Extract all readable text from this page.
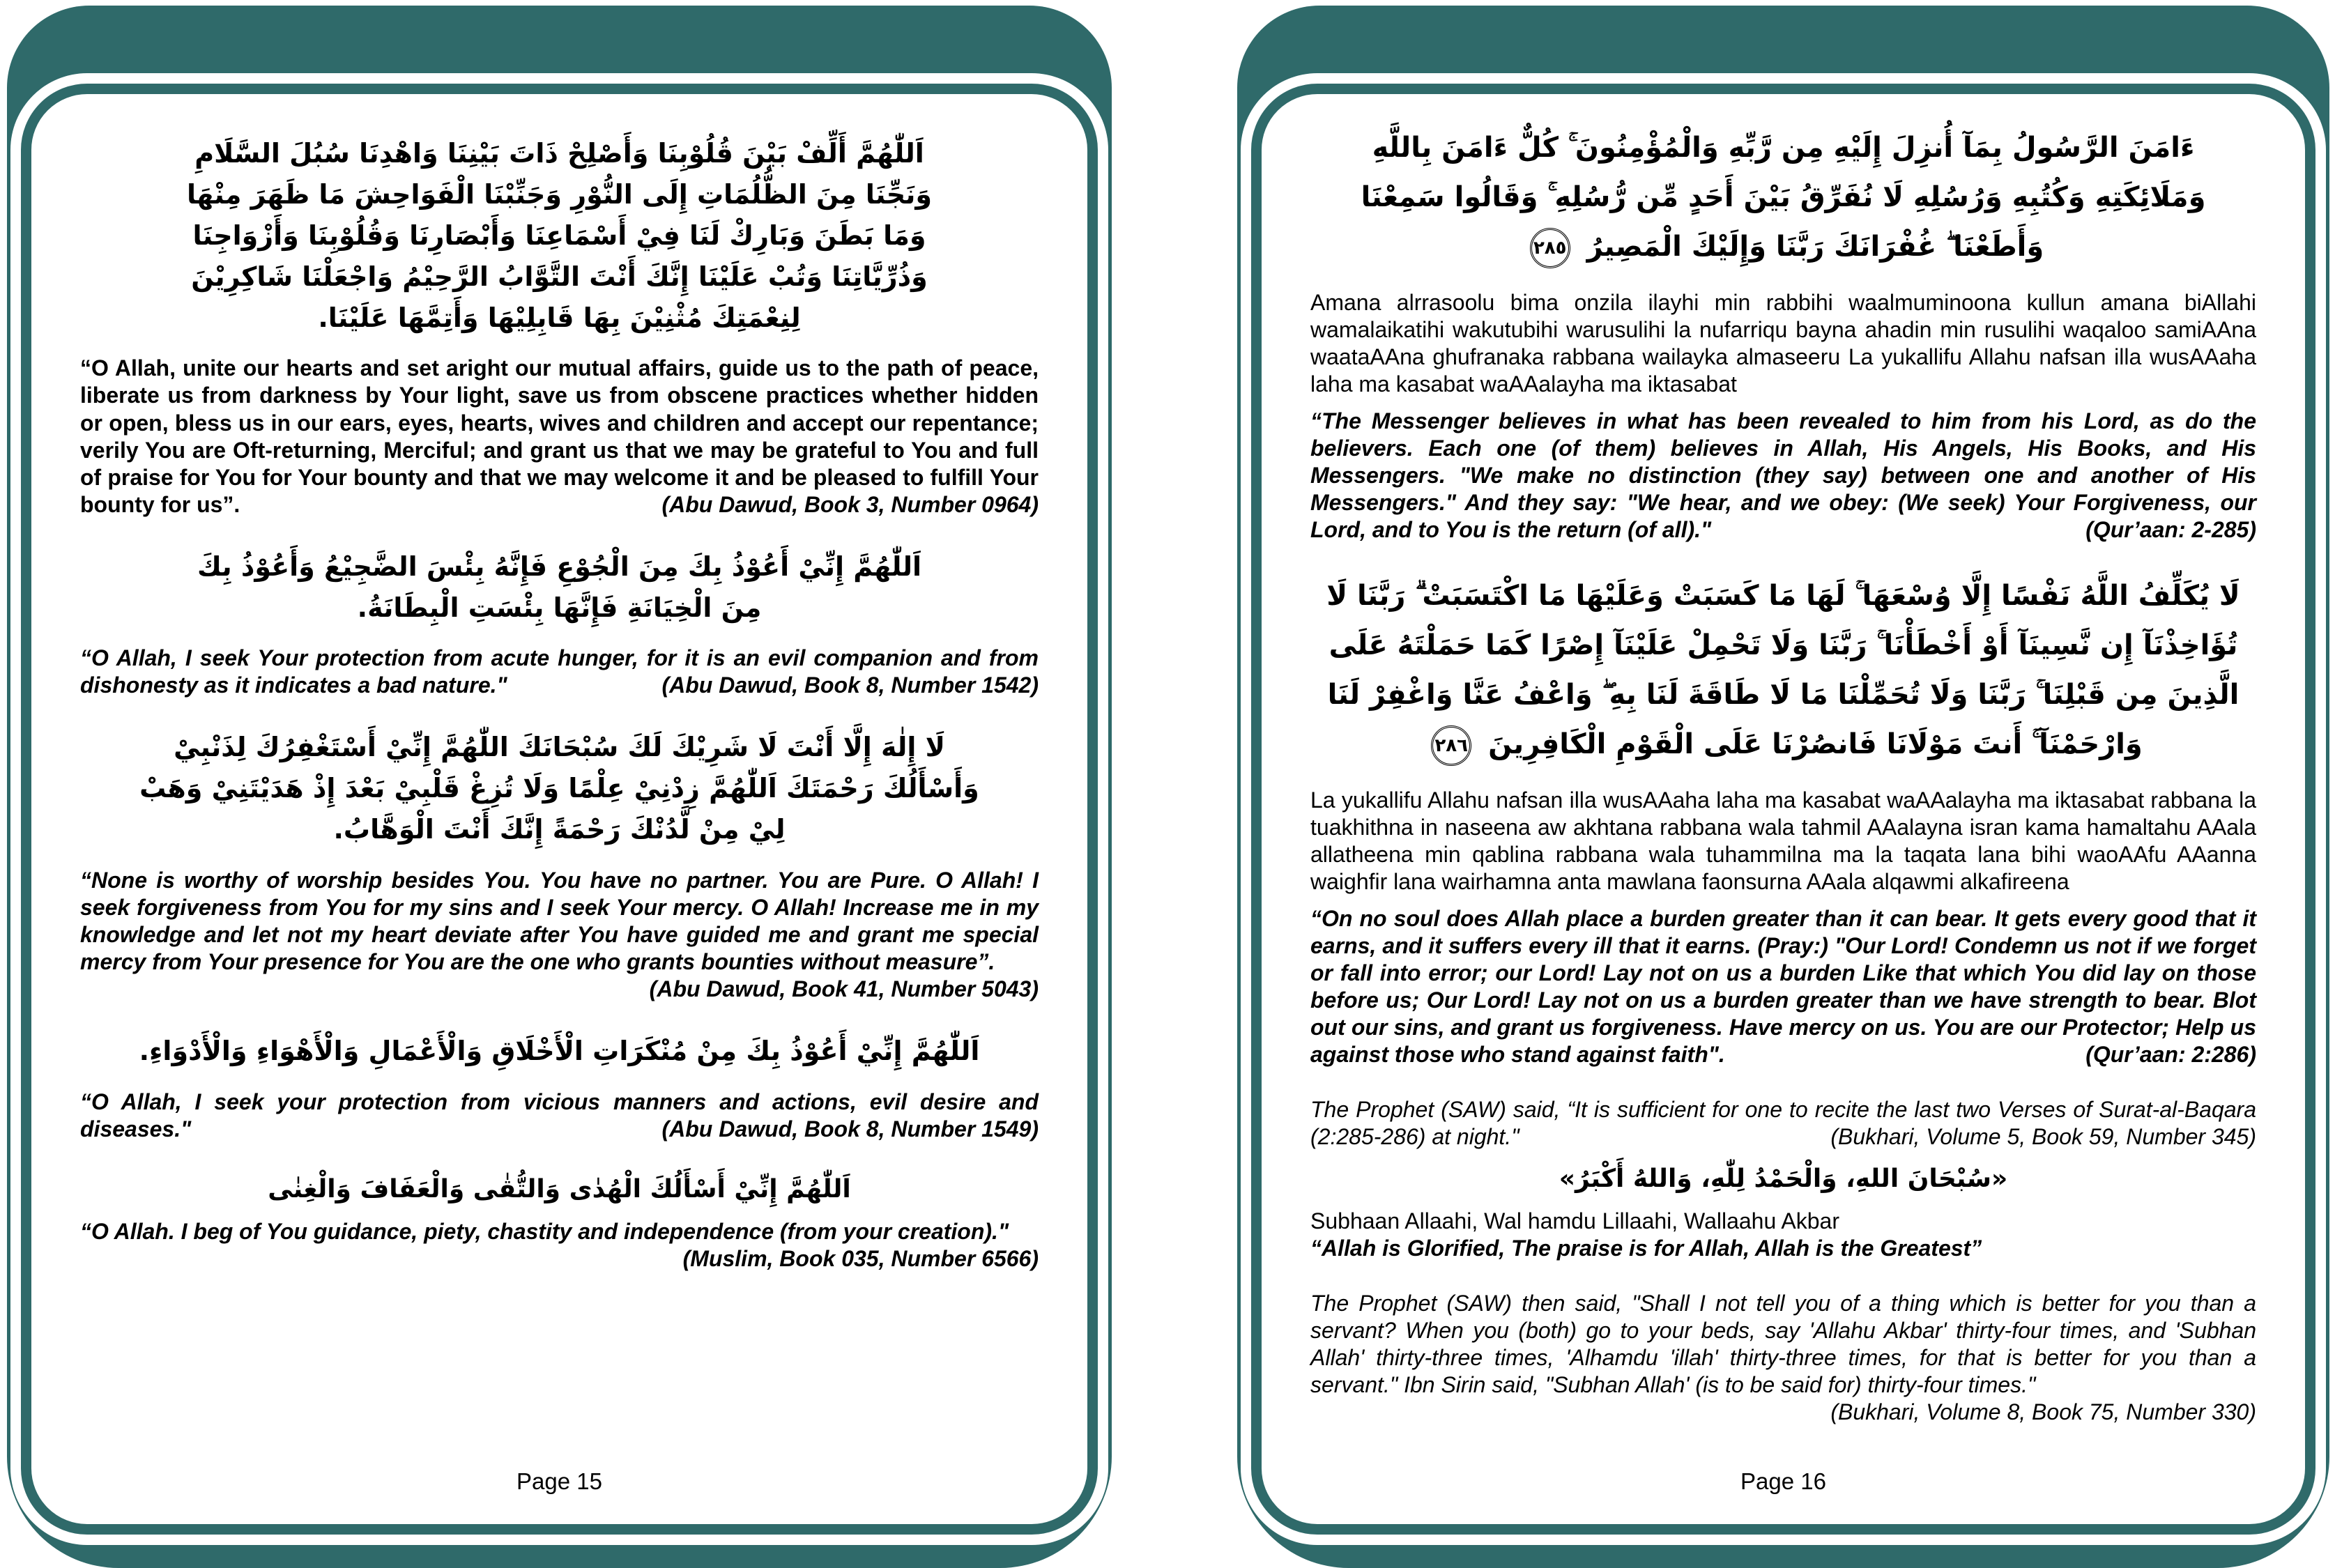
اَللّٰهُمَّ أَلِّفْ بَيْنَ قُلُوْبِنَا وَأَصْلِحْ ذَاتَ بَيْنِنَا وَاهْدِنَا سُبُلَ السَّلَامِ وَنَجِّنَا مِنَ الظُّلُمَاتِ إِلَى النُّوْرِ وَجَنِّبْنَا الْفَوَاحِشَ مَا ظَهَرَ مِنْهَا وَمَا بَطَنَ وَبَارِكْ لَنَا فِيْ أَسْمَاعِنَا وَأَبْصَارِنَا وَقُلُوْبِنَا وَأَزْوَاجِنَا وَذُرِّيَّاتِنَا وَتُبْ عَلَيْنَا إِنَّكَ أَنْتَ التَّوَّابُ الرَّحِيْمُ وَاجْعَلْنَا شَاكِرِيْنَ لِنِعْمَتِكَ مُثْنِيْنَ بِهَا قَابِلِيْهَا وَأَتِمَّهَا عَلَيْنَا.
“O Allah, unite our hearts and set aright our mutual affairs, guide us to the path of peace, liberate us from darkness by Your light, save us from obscene practices whether hidden or open, bless us in our ears, eyes, hearts, wives and children and accept our repentance; verily You are Oft-returning, Merciful; and grant us that we may be grateful to You and full of praise for You for Your bounty and that we may welcome it and be pleased to fulfill Your bounty for us”.	(Abu Dawud, Book 3, Number 0964)
اَللّٰهُمَّ إِنِّيْ أَعُوْذُ بِكَ مِنَ الْجُوْعِ فَإِنَّهُ بِئْسَ الضَّجِيْعُ وَأَعُوْذُ بِكَ مِنَ الْخِيَانَةِ فَإِنَّهَا بِئْسَتِ الْبِطَانَةُ.
“O Allah, I seek Your protection from acute hunger, for it is an evil companion and from dishonesty as it indicates a bad nature."	(Abu Dawud, Book 8, Number 1542)
لَا إِلٰهَ إِلَّا أَنْتَ لَا شَرِيْكَ لَكَ سُبْحَانَكَ اللّٰهُمَّ إِنِّيْ أَسْتَغْفِرُكَ لِذَنْبِيْ وَأَسْأَلُكَ رَحْمَتَكَ اَللّٰهُمَّ زِدْنِيْ عِلْمًا وَلَا تُزِغْ قَلْبِيْ بَعْدَ إِذْ هَدَيْتَنِيْ وَهَبْ لِيْ مِنْ لَّدُنْكَ رَحْمَةً إِنَّكَ أَنْتَ الْوَهَّابُ.
“None is worthy of worship besides You. You have no partner. You are Pure. O Allah! I seek forgiveness from You for my sins and I seek Your mercy. O Allah! Increase me in my knowledge and let not my heart deviate after You have guided me and grant me special mercy from Your presence for You are the one who grants bounties without measure”.
(Abu Dawud, Book 41, Number 5043)
اَللّٰهُمَّ إِنِّيْ أَعُوْذُ بِكَ مِنْ مُنْكَرَاتِ الْأَخْلَاقِ وَالْأَعْمَالِ وَالْأَهْوَاءِ وَالْأَدْوَاءِ.
“O Allah, I seek your protection from vicious manners and actions, evil desire and diseases."	(Abu Dawud, Book 8, Number 1549)
اَللّٰهُمَّ إِنِّيْ أَسْأَلُكَ الْهُدٰى وَالتُّقٰى وَالْعَفَافَ وَالْغِنٰى
“O Allah. I beg of You guidance, piety, chastity and independence (from your creation)."
(Muslim, Book 035, Number 6566)
Page 15
ءَامَنَ الرَّسُولُ بِمَآ أُنزِلَ إِلَيْهِ مِن رَّبِّهِ وَالْمُؤْمِنُونَ ۚ كُلٌّ ءَامَنَ بِاللَّهِ وَمَلَائِكَتِهِ وَكُتُبِهِ وَرُسُلِهِ لَا نُفَرِّقُ بَيْنَ أَحَدٍ مِّن رُّسُلِهِ ۚ وَقَالُوا سَمِعْنَا وَأَطَعْنَا ۖ غُفْرَانَكَ رَبَّنَا وَإِلَيْكَ الْمَصِيرُ
٢٨٥
Amana alrrasoolu bima onzila ilayhi min rabbihi waalmuminoona kullun amana biAllahi wamalaikatihi wakutubihi warusulihi la nufarriqu bayna ahadin min rusulihi waqaloo samiAAna waataAAna ghufranaka rabbana wailayka almaseeru La yukallifu Allahu nafsan illa wusAAaha laha ma kasabat waAAalayha ma iktasabat
“The Messenger believes in what has been revealed to him from his Lord, as do the believers. Each one (of them) believes in Allah, His Angels, His Books, and His Messengers. "We make no distinction (they say) between one and another of His Messengers." And they say: "We hear, and we obey: (We seek) Your Forgiveness, our Lord, and to You is the return (of all)."	(Qur’aan: 2-285)
لَا يُكَلِّفُ اللَّهُ نَفْسًا إِلَّا وُسْعَهَا ۚ لَهَا مَا كَسَبَتْ وَعَلَيْهَا مَا اكْتَسَبَتْ ۗ رَبَّنَا لَا تُؤَاخِذْنَآ إِن نَّسِينَآ أَوْ أَخْطَأْنَا ۚ رَبَّنَا وَلَا تَحْمِلْ عَلَيْنَآ إِصْرًا كَمَا حَمَلْتَهُ عَلَى الَّذِينَ مِن قَبْلِنَا ۚ رَبَّنَا وَلَا تُحَمِّلْنَا مَا لَا طَاقَةَ لَنَا بِهِ ۖ وَاعْفُ عَنَّا وَاغْفِرْ لَنَا وَارْحَمْنَآ ۚ أَنتَ مَوْلَانَا فَانصُرْنَا عَلَى الْقَوْمِ الْكَافِرِينَ
٢٨٦
La yukallifu Allahu nafsan illa wusAAaha laha ma kasabat waAAalayha ma iktasabat rabbana la tuakhithna in naseena aw akhtana rabbana wala tahmil AAalayna isran kama hamaltahu AAala allatheena min qablina rabbana wala tuhammilna ma la taqata lana bihi waoAAfu AAanna waighfir lana wairhamna anta mawlana faonsurna AAala alqawmi alkafireena
“On no soul does Allah place a burden greater than it can bear. It gets every good that it earns, and it suffers every ill that it earns. (Pray:) "Our Lord! Condemn us not if we forget or fall into error; our Lord! Lay not on us a burden Like that which You did lay on those before us; Our Lord! Lay not on us a burden greater than we have strength to bear. Blot out our sins, and grant us forgiveness. Have mercy on us. You are our Protector; Help us against those who stand against faith".	(Qur’aan: 2:286)
The Prophet (SAW) said, “It is sufficient for one to recite the last two Verses of Surat-al-Baqara (2:285-286) at night."	(Bukhari, Volume 5, Book 59, Number 345)
«سُبْحَانَ اللهِ، وَالْحَمْدُ لِلّٰهِ، وَاللهُ أَكْبَرُ»
Subhaan Allaahi, Wal hamdu Lillaahi, Wallaahu Akbar
“Allah is Glorified, The praise is for Allah, Allah is the Greatest”
The Prophet (SAW) then said, "Shall I not tell you of a thing which is better for you than a servant? When you (both) go to your beds, say 'Allahu Akbar' thirty-four times, and 'Subhan Allah' thirty-three times, 'Alhamdu 'illah' thirty-three times, for that is better for you than a servant." Ibn Sirin said, "Subhan Allah' (is to be said for) thirty-four times."
(Bukhari, Volume 8, Book 75, Number 330)
Page 16
